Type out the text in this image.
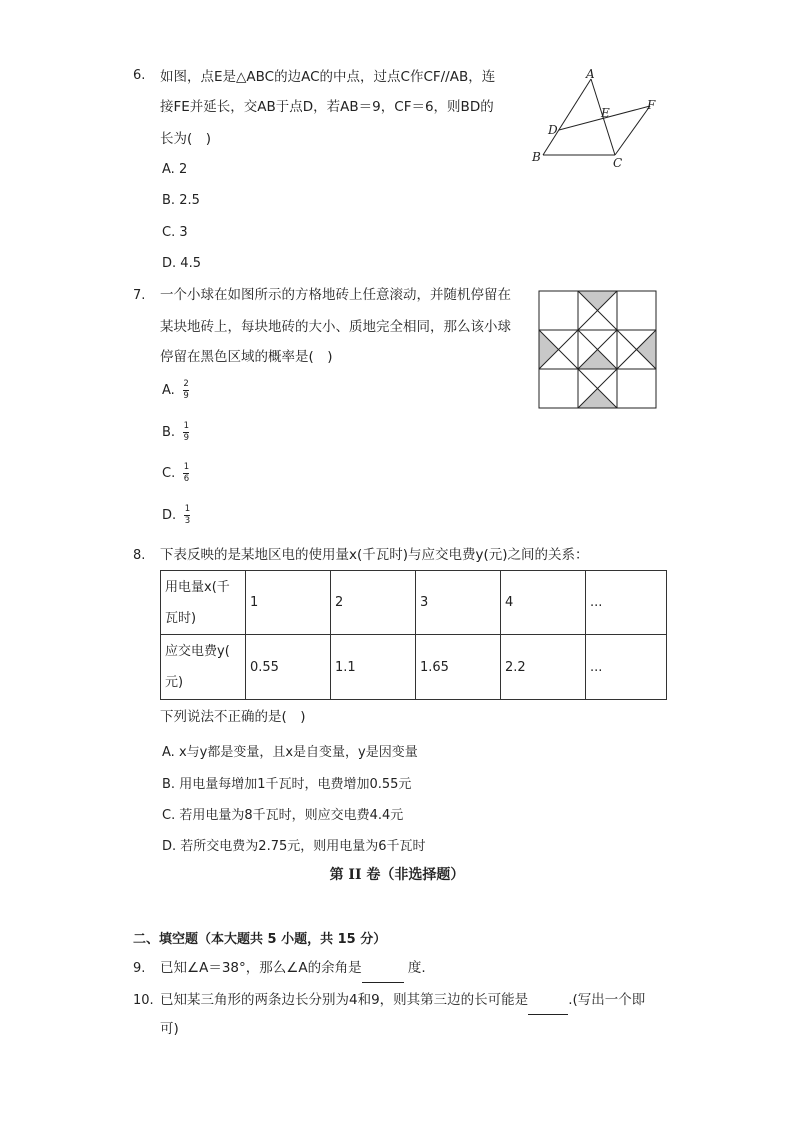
6. 如图，点E是△ABC的边AC的中点，过点C作CF//AB，连
接FE并延长，交AB于点D，若AB＝9，CF＝6，则BD的
长为(　)
A. 2
B. 2.5
C. 3
D. 4.5
A
B	C
D
E
F
7. 一个小球在如图所示的方格地砖上任意滚动，并随机停留在
某块地砖上，每块地砖的大小、质地完全相同，那么该小球
停留在黑色区域的概率是(　)
A. $\frac{2}{9}$
B. $\frac{1}{9}$
C. $\frac{1}{6}$
D. $\frac{1}{3}$
8. 下表反映的是某地区电的使用量x(千瓦时)与应交电费y(元)之间的关系：
用电量x(千
瓦时)	1	2	3	4	...

应交电费y(
元)	0.55	1.1	1.65	2.2	...
下列说法不正确的是(　)
A. x与y都是变量，且x是自变量，y是因变量
B. 用电量每增加1千瓦时，电费增加0.55元
C. 若用电量为8千瓦时，则应交电费4.4元
D. 若所交电费为2.75元，则用电量为6千瓦时
第 II 卷（非选择题）
二、填空题（本大题共 5 小题，共 15 分）
9. 已知∠A＝38°，那么∠A的余角是	度.
10. 已知某三角形的两条边长分别为4和9，则其第三边的长可能是	.(写出一个即
可)
